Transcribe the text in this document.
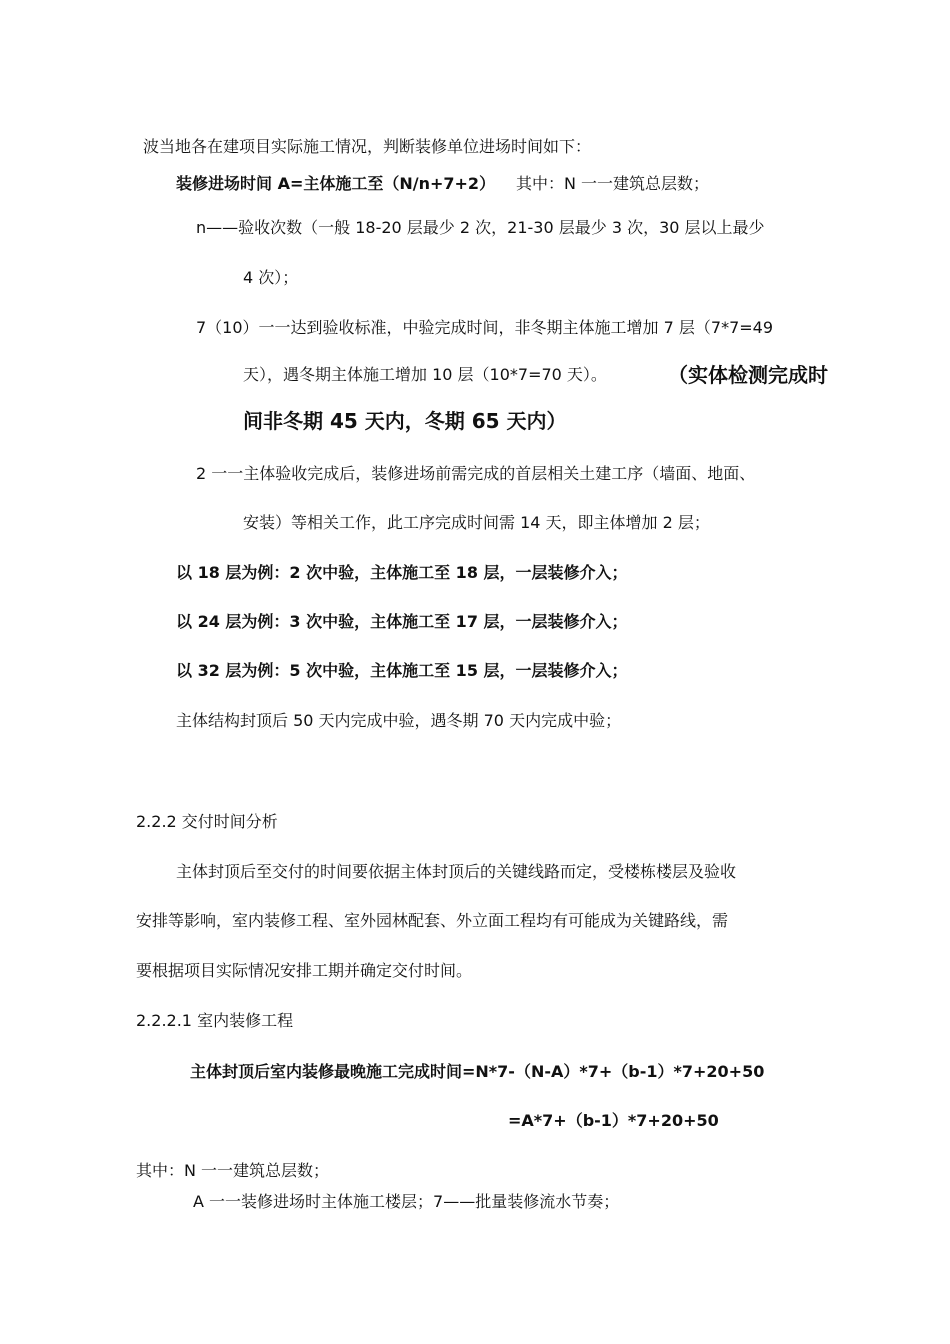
波当地各在建项目实际施工情况，判断装修单位进场时间如下：
装修进场时间 A=主体施工至（N/n+7+2） 其中：N 一一建筑总层数；
n——验收次数（一般 18-20 层最少 2 次，21-30 层最少 3 次，30 层以上最少
4 次）；
7（10）一一达到验收标准，中验完成时间，非冬期主体施工增加 7 层（7*7=49
天），遇冬期主体施工增加 10 层（10*7=70 天）。	（实体检测完成时
间非冬期 45 天内，冬期 65 天内）
2 一一主体验收完成后，装修进场前需完成的首层相关土建工序（墙面、地面、
安装）等相关工作，此工序完成时间需 14 天，即主体增加 2 层；
以 18 层为例：2 次中验，主体施工至 18 层，一层装修介入；
以 24 层为例：3 次中验，主体施工至 17 层，一层装修介入；
以 32 层为例：5 次中验，主体施工至 15 层，一层装修介入；
主体结构封顶后 50 天内完成中验，遇冬期 70 天内完成中验；
2.2.2 交付时间分析
主体封顶后至交付的时间要依据主体封顶后的关键线路而定，受楼栋楼层及验收
安排等影响，室内装修工程、室外园林配套、外立面工程均有可能成为关键路线，需
要根据项目实际情况安排工期并确定交付时间。
2.2.2.1 室内装修工程
主体封顶后室内装修最晚施工完成时间=N*7-（N-A）*7+（b-1）*7+20+50
=A*7+（b-1）*7+20+50
其中：N 一一建筑总层数；
A 一一装修进场时主体施工楼层；7——批量装修流水节奏；
